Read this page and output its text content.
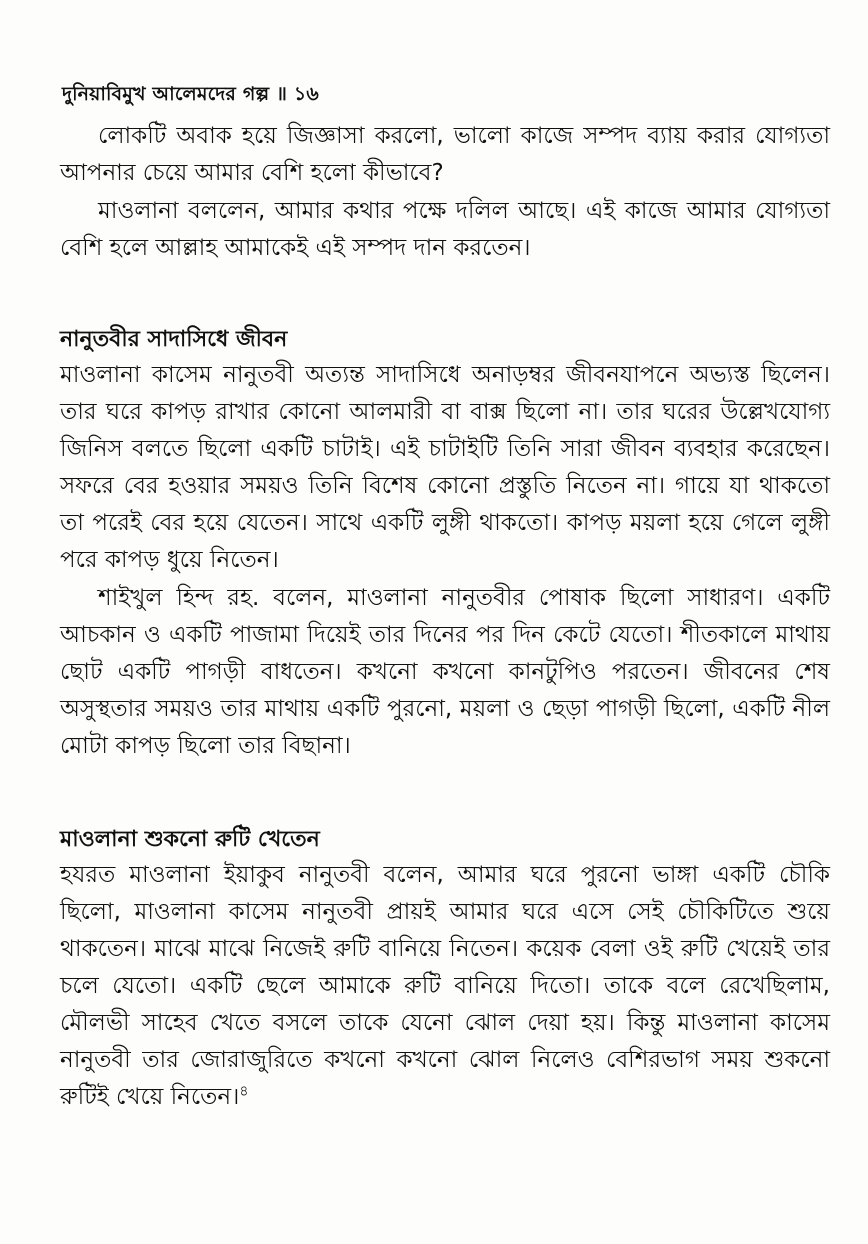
দুনিয়াবিমুখ আলেমদের গল্প ॥ ১৬

লোকটি অবাক হয়ে জিজ্ঞাসা করলো, ভালো কাজে সম্পদ ব্যায় করার যোগ্যতা আপনার চেয়ে আমার বেশি হলো কীভাবে?

মাওলানা বললেন, আমার কথার পক্ষে দলিল আছে। এই কাজে আমার যোগ্যতা বেশি হলে আল্লাহ আমাকেই এই সম্পদ দান করতেন।

নানুতবীর সাদাসিধে জীবন

মাওলানা কাসেম নানুতবী অত্যন্ত সাদাসিধে অনাড়ম্বর জীবনযাপনে অভ্যস্ত ছিলেন। তার ঘরে কাপড় রাখার কোনো আলমারী বা বাক্স ছিলো না। তার ঘরের উল্লেখযোগ্য জিনিস বলতে ছিলো একটি চাটাই। এই চাটাইটি তিনি সারা জীবন ব্যবহার করেছেন। সফরে বের হওয়ার সময়ও তিনি বিশেষ কোনো প্রস্তুতি নিতেন না। গায়ে যা থাকতো তা পরেই বের হয়ে যেতেন। সাথে একটি লুঙ্গী থাকতো। কাপড় ময়লা হয়ে গেলে লুঙ্গী পরে কাপড় ধুয়ে নিতেন।

শাইখুল হিন্দ রহ. বলেন, মাওলানা নানুতবীর পোষাক ছিলো সাধারণ। একটি আচকান ও একটি পাজামা দিয়েই তার দিনের পর দিন কেটে যেতো। শীতকালে মাথায় ছোট একটি পাগড়ী বাধতেন। কখনো কখনো কানটুপিও পরতেন। জীবনের শেষ অসুস্থতার সময়ও তার মাথায় একটি পুরনো, ময়লা ও ছেড়া পাগড়ী ছিলো, একটি নীল মোটা কাপড় ছিলো তার বিছানা।

মাওলানা শুকনো রুটি খেতেন

হযরত মাওলানা ইয়াকুব নানুতবী বলেন, আমার ঘরে পুরনো ভাঙ্গা একটি চৌকি ছিলো, মাওলানা কাসেম নানুতবী প্রায়ই আমার ঘরে এসে সেই চৌকিটিতে শুয়ে থাকতেন। মাঝে মাঝে নিজেই রুটি বানিয়ে নিতেন। কয়েক বেলা ওই রুটি খেয়েই তার চলে যেতো। একটি ছেলে আমাকে রুটি বানিয়ে দিতো। তাকে বলে রেখেছিলাম, মৌলভী সাহেব খেতে বসলে তাকে যেনো ঝোল দেয়া হয়। কিন্তু মাওলানা কাসেম নানুতবী তার জোরাজুরিতে কখনো কখনো ঝোল নিলেও বেশিরভাগ সময় শুকনো রুটিই খেয়ে নিতেন।$^৪$
